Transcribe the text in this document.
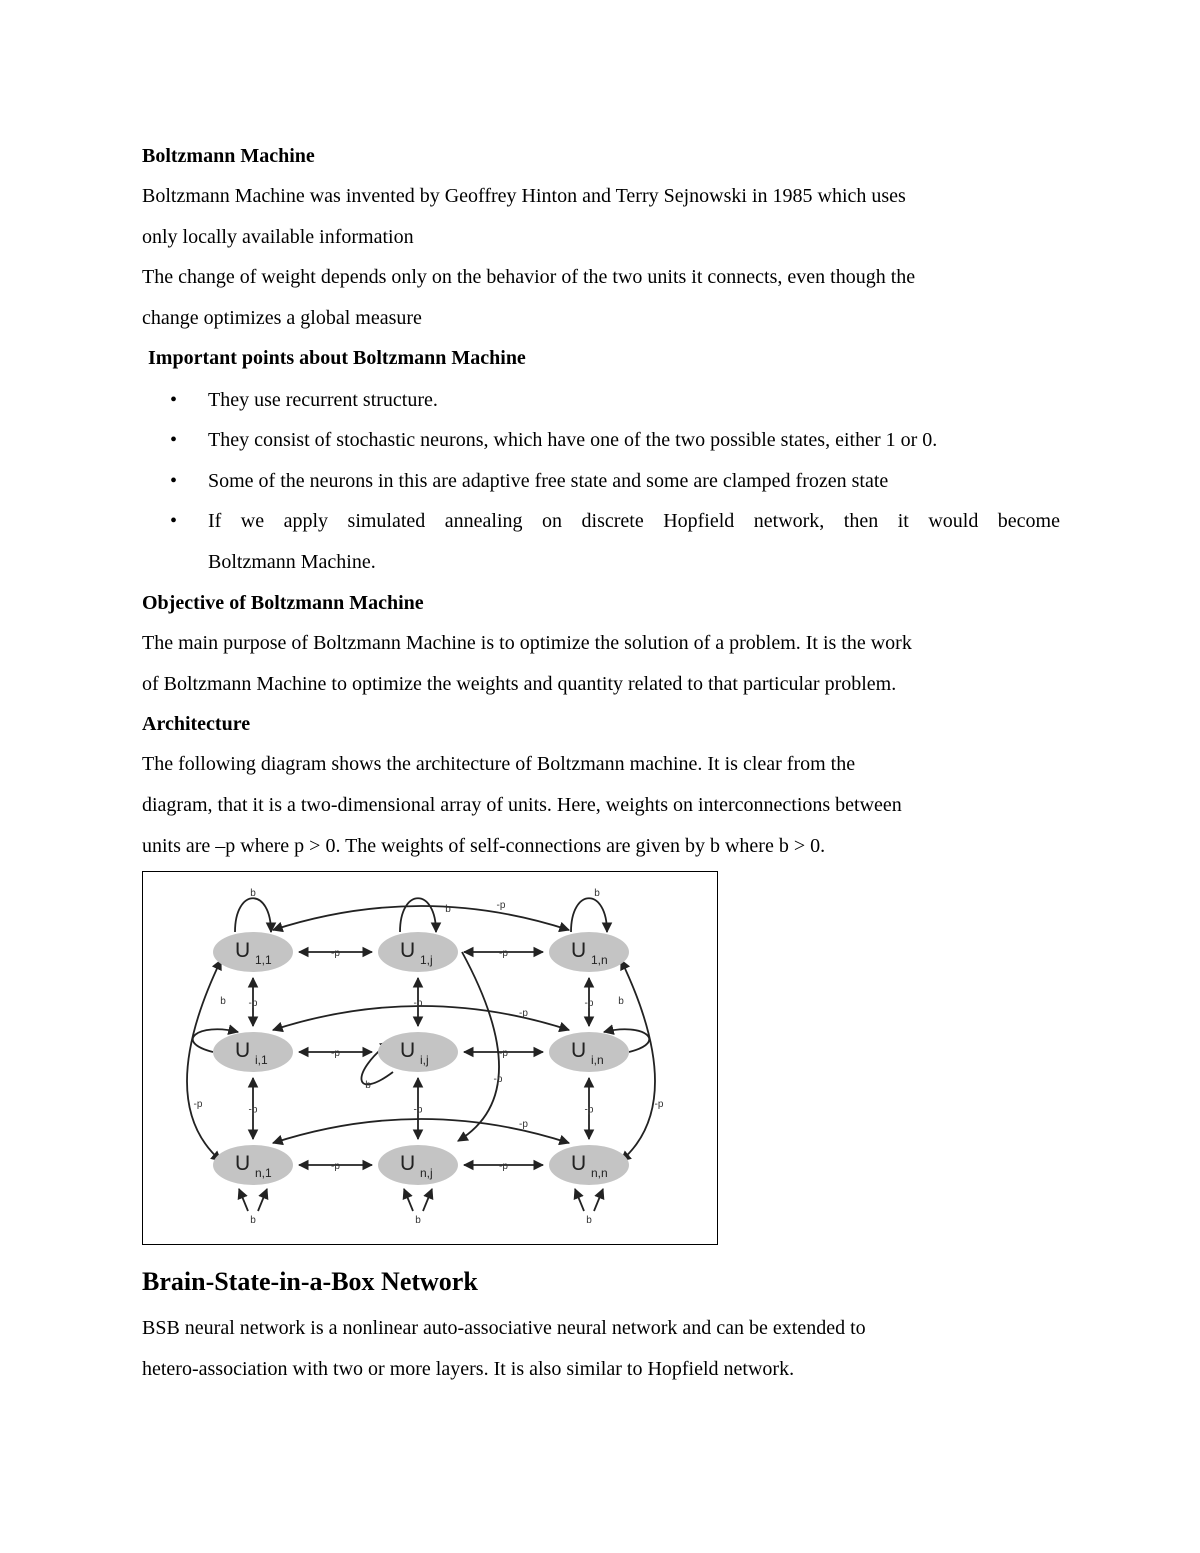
Boltzmann Machine

Boltzmann Machine was invented by Geoffrey Hinton and Terry Sejnowski in 1985 which uses

only locally available information

The change of weight depends only on the behavior of the two units it connects, even though the

change optimizes a global measure

Important points about Boltzmann Machine

• They use recurrent structure.

• They consist of stochastic neurons, which have one of the two possible states, either 1 or 0.

• Some of the neurons in this are adaptive free state and some are clamped frozen state

• If we apply simulated annealing on discrete Hopfield network, then it would become

Boltzmann Machine.

Objective of Boltzmann Machine

The main purpose of Boltzmann Machine is to optimize the solution of a problem. It is the work

of Boltzmann Machine to optimize the weights and quantity related to that particular problem.

Architecture

The following diagram shows the architecture of Boltzmann machine. It is clear from the

diagram, that it is a two-dimensional array of units. Here, weights on interconnections between

units are –p where p > 0. The weights of self-connections are given by b where b > 0.

-p	-p
-p	-p
-p	-p
-p
-p
-p
-p
-p
-p
-p
-p
-p
-p
-p	-p
b
b
b
b	b
b
b	b	b
U 1,1	U 1,j	U 1,n
U i,1	U i,j	U i,n
U n,1	U n,j	U n,n

Brain-State-in-a-Box Network

BSB neural network is a nonlinear auto-associative neural network and can be extended to

hetero-association with two or more layers. It is also similar to Hopfield network.
